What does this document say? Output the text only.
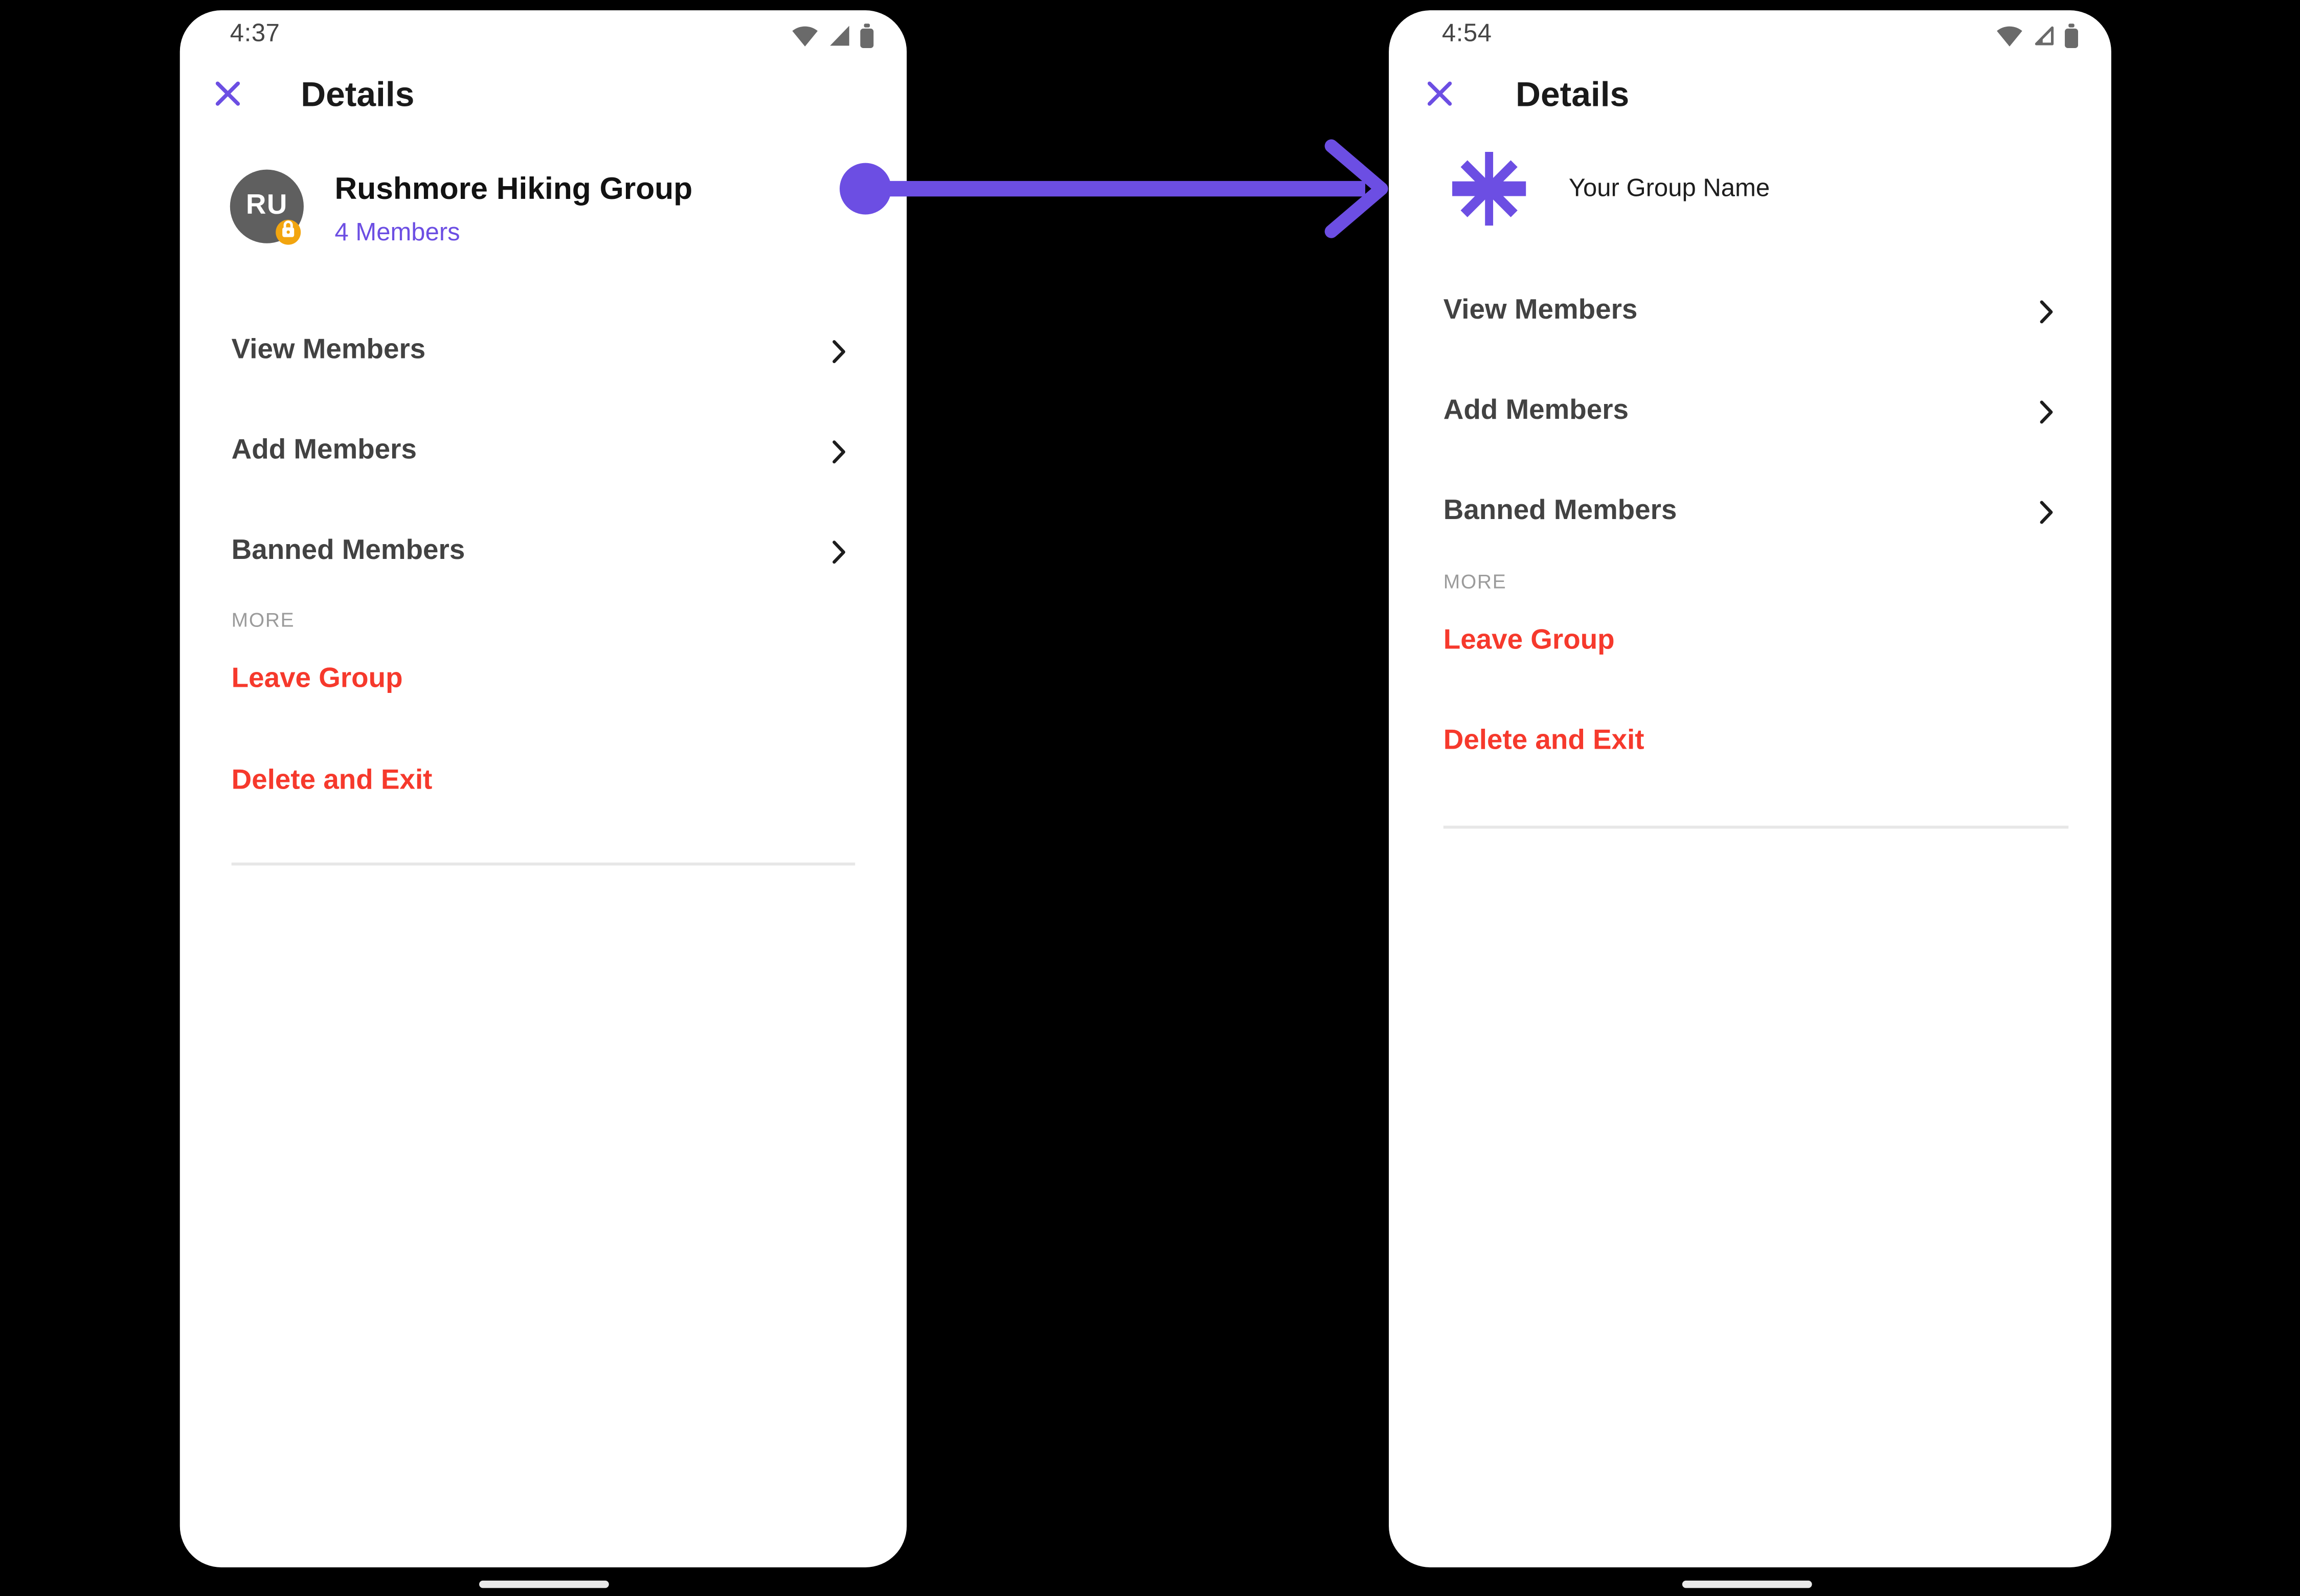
4:37
Details
RU	Rushmore Hiking Group
4 Members
View Members
Add Members
Banned Members
MORE
Leave Group
Delete and Exit
4:54
Details
Your Group Name
View Members
Add Members
Banned Members
MORE
Leave Group
Delete and Exit
